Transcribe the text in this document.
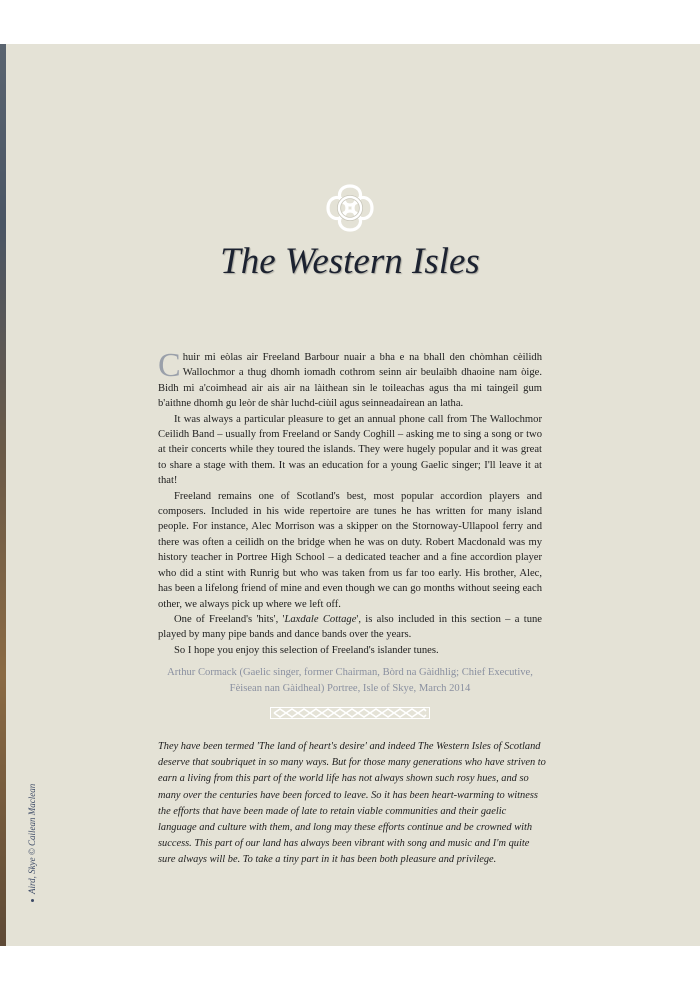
Aird, Skye © Cailean Maclean
The Western Isles

Chuir mi eòlas air Freeland Barbour nuair a bha e na bhall den chòmhan cèilidh Wallochmor a thug dhomh iomadh cothrom seinn air beulaibh dhaoine nam òige. Bidh mi a'coimhead air ais air na làithean sin le toileachas agus tha mi taingeil gum b'aithne dhomh gu leòr de shàr luchd-ciùil agus seinneadairean an latha.

It was always a particular pleasure to get an annual phone call from The Wallochmor Ceilidh Band – usually from Freeland or Sandy Coghill – asking me to sing a song or two at their concerts while they toured the islands. They were hugely popular and it was great to share a stage with them. It was an education for a young Gaelic singer; I'll leave it at that!

Freeland remains one of Scotland's best, most popular accordion players and composers. Included in his wide repertoire are tunes he has written for many island people. For instance, Alec Morrison was a skipper on the Stornoway-Ullapool ferry and there was often a ceilidh on the bridge when he was on duty. Robert Macdonald was my history teacher in Portree High School – a dedicated teacher and a fine accordion player who did a stint with Runrig but who was taken from us far too early. His brother, Alec, has been a lifelong friend of mine and even though we can go months without seeing each other, we always pick up where we left off.

One of Freeland's 'hits', 'Laxdale Cottage', is also included in this section – a tune played by many pipe bands and dance bands over the years.

So I hope you enjoy this selection of Freeland's islander tunes.

Arthur Cormack (Gaelic singer, former Chairman, Bòrd na Gàidhlig; Chief Executive,
Fèisean nan Gàidheal) Portree, Isle of Skye, March 2014

They have been termed 'The land of heart's desire' and indeed The Western Isles of Scotland deserve that soubriquet in so many ways. But for those many generations who have striven to earn a living from this part of the world life has not always shown such rosy hues, and so many over the centuries have been forced to leave. So it has been heart-warming to witness the efforts that have been made of late to retain viable communities and their gaelic language and culture with them, and long may these efforts continue and be crowned with success. This part of our land has always been vibrant with song and music and I'm quite sure always will be. To take a tiny part in it has been both pleasure and privilege.
